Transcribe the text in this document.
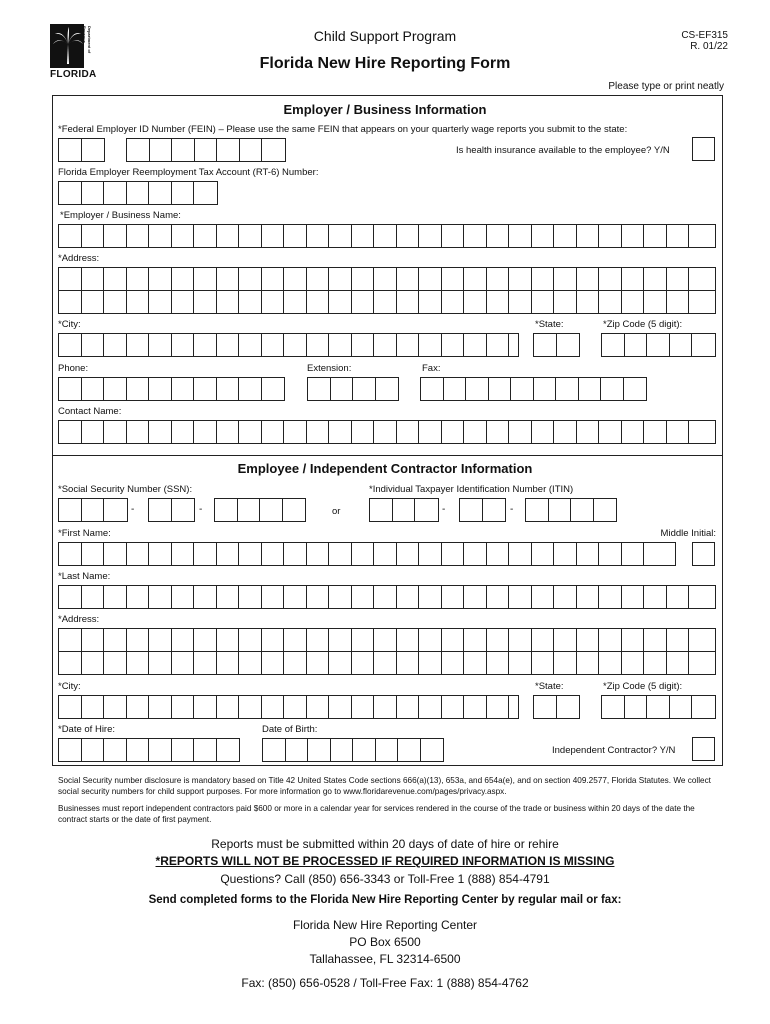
Department of Revenue
FLORIDA
Child Support Program
Florida New Hire Reporting Form
CS-EF315
R. 01/22
Please type or print neatly
Employer / Business Information
*Federal Employer ID Number (FEIN) – Please use the same FEIN that appears on your quarterly wage reports you submit to the state:
Is health insurance available to the employee? Y/N
Florida Employer Reemployment Tax Account (RT-6) Number:
*Employer / Business Name:
*Address:
*City:	*State:	*Zip Code (5 digit):
Phone:	Extension:	Fax:
Contact Name:
Employee / Independent Contractor Information
*Social Security Number (SSN):	*Individual Taxpayer Identification Number (ITIN)
-	-	or	-	-
*First Name:	Middle Initial:
*Last Name:
*Address:
*City:	*State:	*Zip Code (5 digit):
*Date of Hire:	Date of Birth:
Independent Contractor? Y/N
Social Security number disclosure is mandatory based on Title 42 United States Code sections 666(a)(13), 653a, and 654a(e), and on section 409.2577, Florida Statutes. We collect social security numbers for child support purposes. For more information go to www.floridarevenue.com/pages/privacy.aspx.
Businesses must report independent contractors paid $600 or more in a calendar year for services rendered in the course of the trade or business within 20 days of the date the contract starts or the date of first payment.
Reports must be submitted within 20 days of date of hire or rehire
*REPORTS WILL NOT BE PROCESSED IF REQUIRED INFORMATION IS MISSING
Questions? Call (850) 656-3343 or Toll-Free 1 (888) 854-4791
Send completed forms to the Florida New Hire Reporting Center by regular mail or fax:
Florida New Hire Reporting Center
PO Box 6500
Tallahassee, FL 32314-6500
Fax: (850) 656-0528 / Toll-Free Fax: 1 (888) 854-4762
